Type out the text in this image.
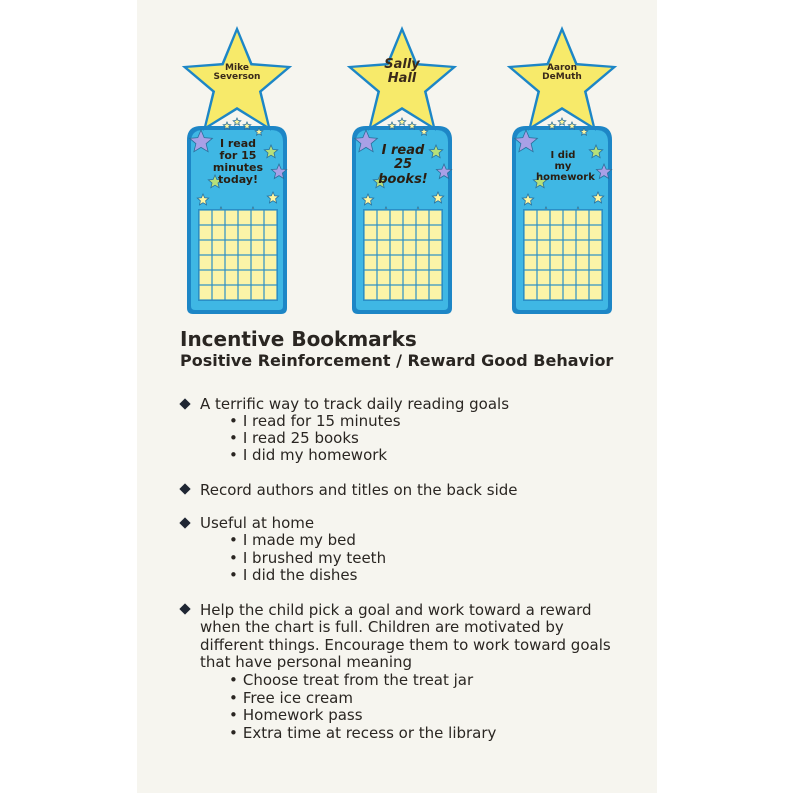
Mike
Severson
I read
for 15
minutes
today!
Sally
Hall
I read
25
books!
Aaron
DeMuth
I did
my
homework
Incentive Bookmarks
Positive Reinforcement / Reward Good Behavior
A terrific way to track daily reading goals
• I read for 15 minutes
• I read 25 books
• I did my homework
Record authors and titles on the back side
Useful at home
• I made my bed
• I brushed my teeth
• I did the dishes
Help the child pick a goal and work toward a reward
when the chart is full. Children are motivated by
different things. Encourage them to work toward goals
that have personal meaning
• Choose treat from the treat jar
• Free ice cream
• Homework pass
• Extra time at recess or the library
